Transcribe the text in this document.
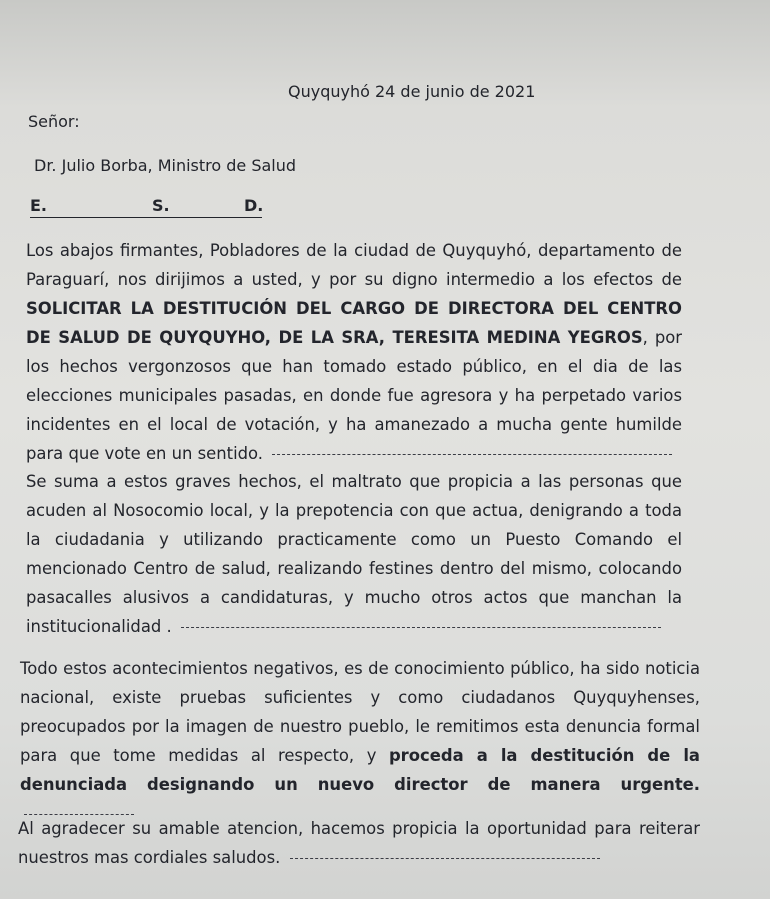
Quyquyhó 24 de junio de 2021
Señor:
Dr. Julio Borba, Ministro de Salud
E.	S.	D.
Los abajos firmantes, Pobladores de la ciudad de Quyquyhó, departamento de Paraguarí, nos dirijimos a usted, y por su digno intermedio a los efectos de SOLICITAR LA DESTITUCIÓN DEL CARGO DE DIRECTORA DEL CENTRO DE SALUD DE QUYQUYHO, DE LA SRA, TERESITA MEDINA YEGROS, por los hechos vergonzosos que han tomado estado público, en el dia de las elecciones municipales pasadas, en donde fue agresora y ha perpetado varios incidentes en el local de votación, y ha amanezado a mucha gente humilde para que vote en un sentido.
Se suma a estos graves hechos, el maltrato que propicia a las personas que acuden al Nosocomio local, y la prepotencia con que actua, denigrando a toda la ciudadania y utilizando practicamente como un Puesto Comando el mencionado Centro de salud, realizando festines dentro del mismo, colocando pasacalles alusivos a candidaturas, y mucho otros actos que manchan la institucionalidad .
Todo estos acontecimientos negativos, es de conocimiento público, ha sido noticia nacional, existe pruebas suficientes y como ciudadanos Quyquyhenses, preocupados por la imagen de nuestro pueblo, le remitimos esta denuncia formal para que tome medidas al respecto, y proceda a la destitución de la denunciada designando un nuevo director de manera urgente.
Al agradecer su amable atencion, hacemos propicia la oportunidad para reiterar nuestros mas cordiales saludos.
